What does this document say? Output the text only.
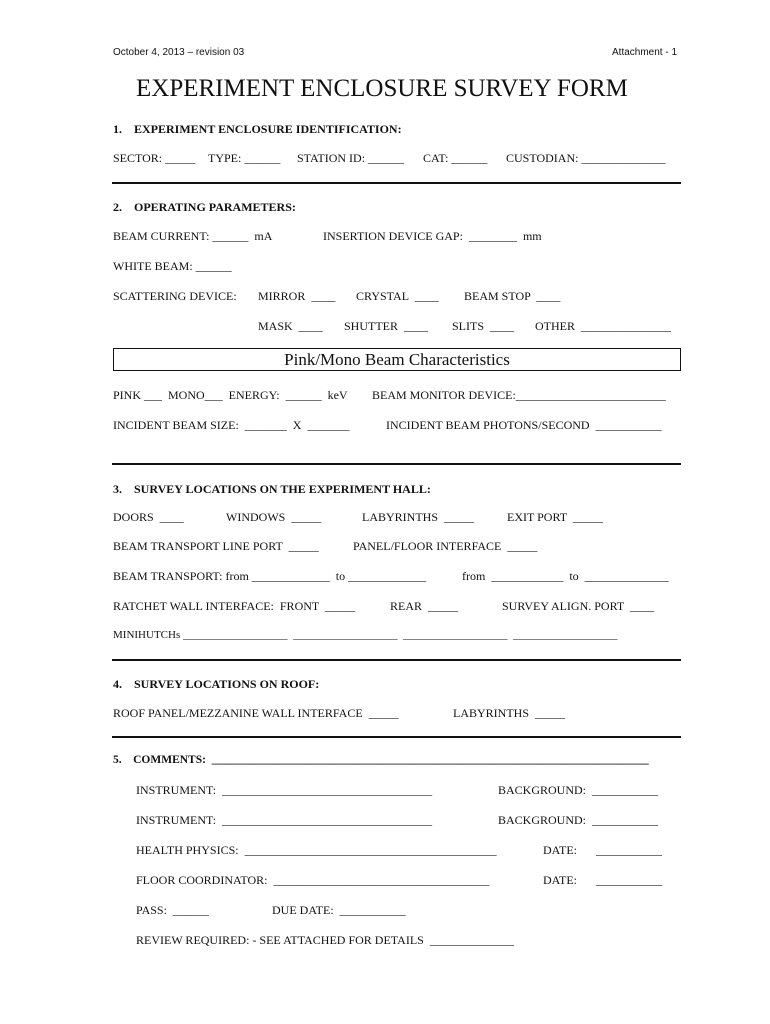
October 4, 2013 – revision 03	Attachment - 1
EXPERIMENT ENCLOSURE SURVEY FORM
1.    EXPERIMENT ENCLOSURE IDENTIFICATION:
SECTOR: _____ TYPE: ______ STATION ID: ______ CAT: ______ CUSTODIAN: ______________
2.    OPERATING PARAMETERS:
BEAM CURRENT: ______  mA	INSERTION DEVICE GAP:  ________  mm
WHITE BEAM: ______
SCATTERING DEVICE: MIRROR  ____ CRYSTAL  ____ BEAM STOP  ____
MASK  ____ SHUTTER  ____ SLITS  ____ OTHER  _______________
Pink/Mono Beam Characteristics
PINK ___  MONO___  ENERGY:  ______  keV BEAM MONITOR DEVICE:_________________________
INCIDENT BEAM SIZE:  _______  X  _______	INCIDENT BEAM PHOTONS/SECOND  ___________
3.    SURVEY LOCATIONS ON THE EXPERIMENT HALL:
DOORS  ____	WINDOWS  _____	LABYRINTHS  _____	EXIT PORT  _____
BEAM TRANSPORT LINE PORT  _____	PANEL/FLOOR INTERFACE  _____
BEAM TRANSPORT: from _____________  to _____________	from  ____________  to  ______________
RATCHET WALL INTERFACE:  FRONT  _____	REAR  _____	SURVEY ALIGN. PORT  ____
MINIHUTCHs ___________________  ___________________  ___________________  ___________________
4.    SURVEY LOCATIONS ON ROOF:
ROOF PANEL/MEZZANINE WALL INTERFACE  _____	LABYRINTHS  _____
5.    COMMENTS:  ____________________________________________________________________________
INSTRUMENT:  ___________________________________	BACKGROUND:  ___________
INSTRUMENT:  ___________________________________	BACKGROUND:  ___________
HEALTH PHYSICS:  __________________________________________	DATE: ___________
FLOOR COORDINATOR:  ____________________________________	DATE: ___________
PASS:  ______	DUE DATE:  ___________
REVIEW REQUIRED: - SEE ATTACHED FOR DETAILS  ______________
